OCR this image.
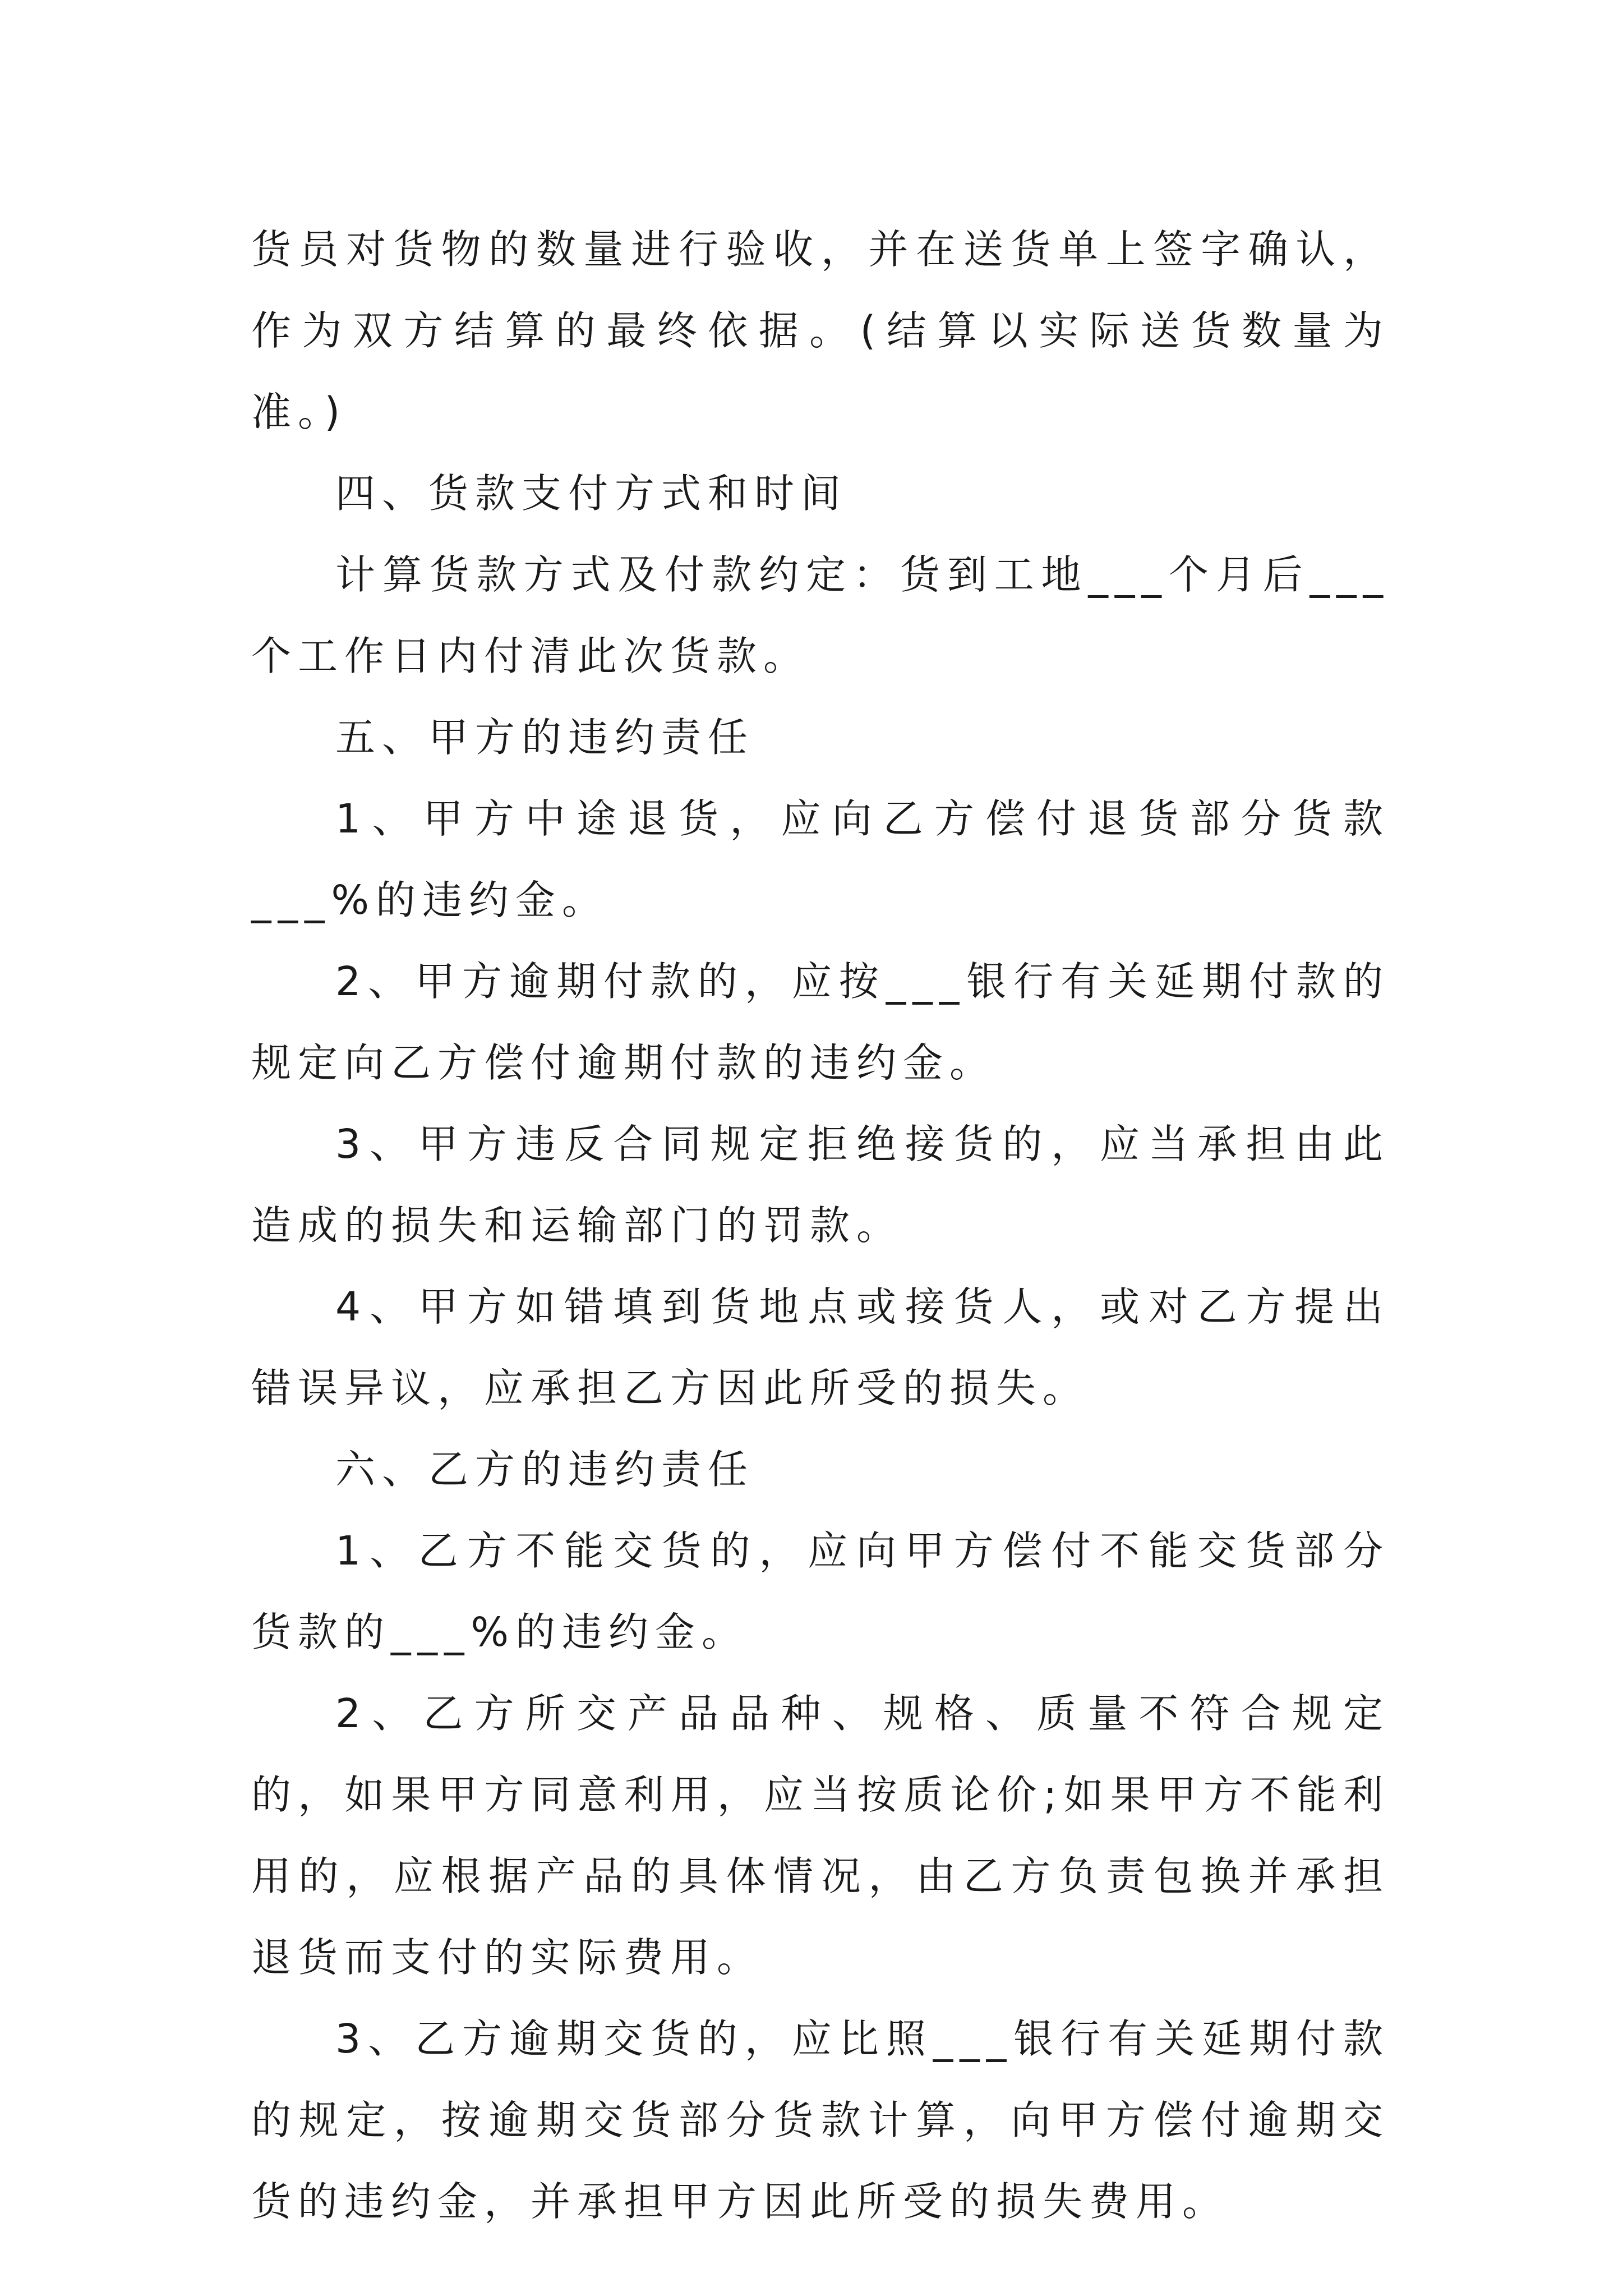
货员对货物的数量进行验收，并在送货单上签字确认，作为双方结算的最终依据。(结算以实际送货数量为准。)

四、货款支付方式和时间

计算货款方式及付款约定：货到工地___个月后___个工作日内付清此次货款。

五、甲方的违约责任

1、甲方中途退货，应向乙方偿付退货部分货款___%的违约金。

2、甲方逾期付款的，应按___银行有关延期付款的规定向乙方偿付逾期付款的违约金。

3、甲方违反合同规定拒绝接货的，应当承担由此造成的损失和运输部门的罚款。

4、甲方如错填到货地点或接货人，或对乙方提出错误异议，应承担乙方因此所受的损失。

六、乙方的违约责任

1、乙方不能交货的，应向甲方偿付不能交货部分货款的___%的违约金。

2、乙方所交产品品种、规格、质量不符合规定的，如果甲方同意利用，应当按质论价;如果甲方不能利用的，应根据产品的具体情况，由乙方负责包换并承担退货而支付的实际费用。

3、乙方逾期交货的，应比照___银行有关延期付款的规定，按逾期交货部分货款计算，向甲方偿付逾期交货的违约金，并承担甲方因此所受的损失费用。
